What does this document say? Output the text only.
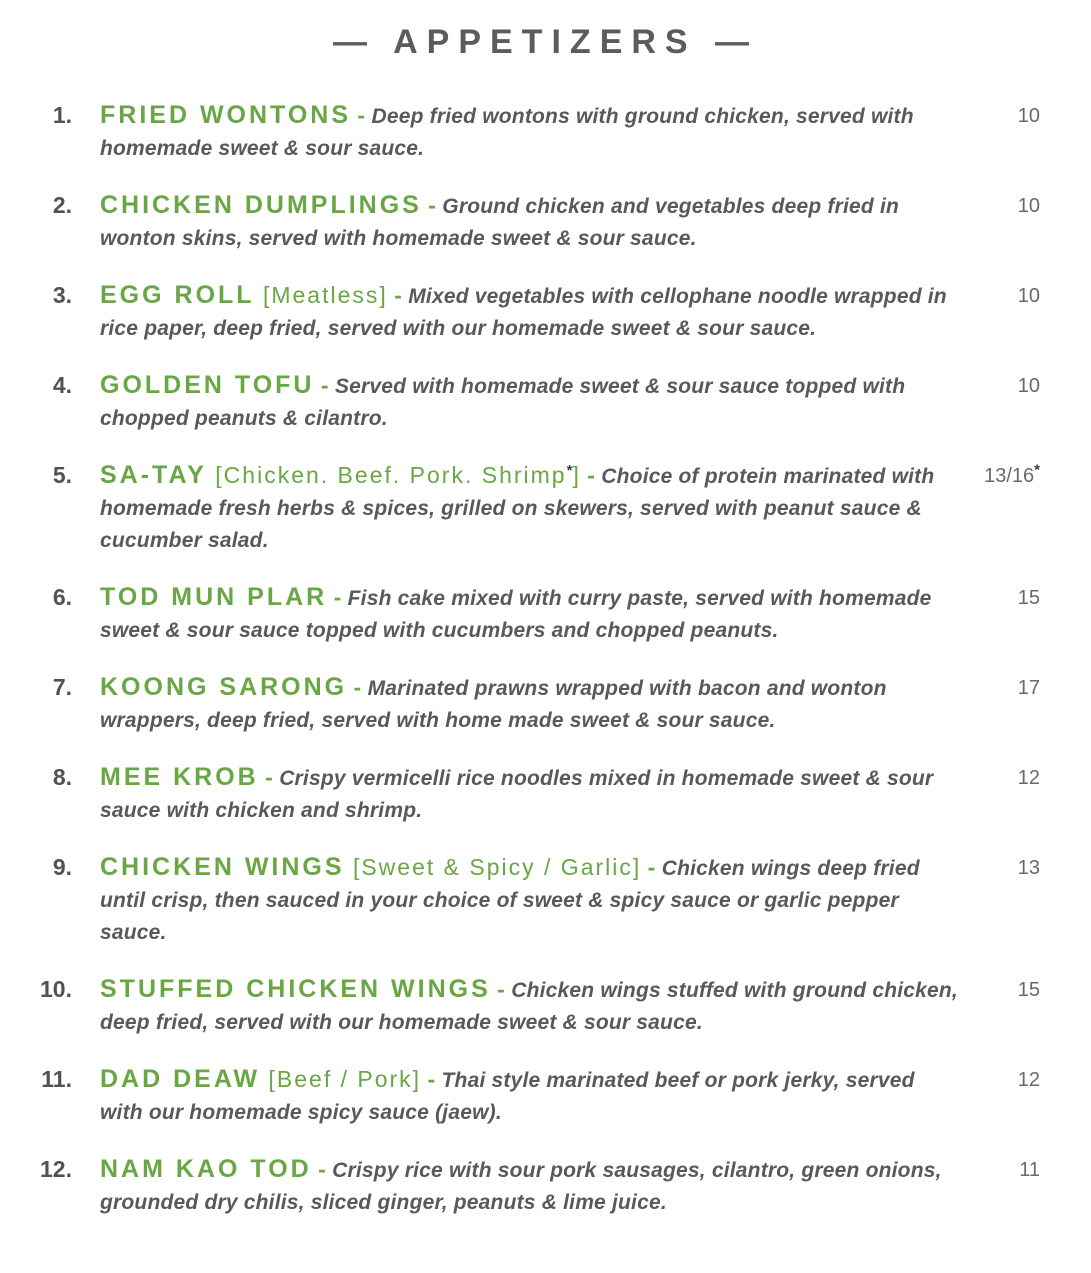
— APPETIZERS —
1. FRIED WONTONS - Deep fried wontons with ground chicken, served with homemade sweet & sour sauce.

10
2. CHICKEN DUMPLINGS - Ground chicken and vegetables deep fried in wonton skins, served with homemade sweet & sour sauce.

10
3. EGG ROLL [Meatless] - Mixed vegetables with cellophane noodle wrapped in rice paper, deep fried, served with our homemade sweet & sour sauce.

10
4. GOLDEN TOFU - Served with homemade sweet & sour sauce topped with chopped peanuts & cilantro.

10
5. SA-TAY [Chicken. Beef. Pork. Shrimp*] - Choice of protein marinated with homemade fresh herbs & spices, grilled on skewers, served with peanut sauce & cucumber salad.

13/16*
6. TOD MUN PLAR - Fish cake mixed with curry paste, served with homemade sweet & sour sauce topped with cucumbers and chopped peanuts.

15
7. KOONG SARONG - Marinated prawns wrapped with bacon and wonton wrappers, deep fried, served with home made sweet & sour sauce.

17
8. MEE KROB - Crispy vermicelli rice noodles mixed in homemade sweet & sour sauce with chicken and shrimp.

12
9. CHICKEN WINGS [Sweet & Spicy / Garlic] - Chicken wings deep fried until crisp, then sauced in your choice of sweet & spicy sauce or garlic pepper sauce.

13
10. STUFFED CHICKEN WINGS - Chicken wings stuffed with ground chicken, deep fried, served with our homemade sweet & sour sauce.

15
11. DAD DEAW [Beef / Pork] - Thai style marinated beef or pork jerky, served with our homemade spicy sauce (jaew).

12
12. NAM KAO TOD - Crispy rice with sour pork sausages, cilantro, green onions, grounded dry chilis, sliced ginger, peanuts & lime juice.

11
